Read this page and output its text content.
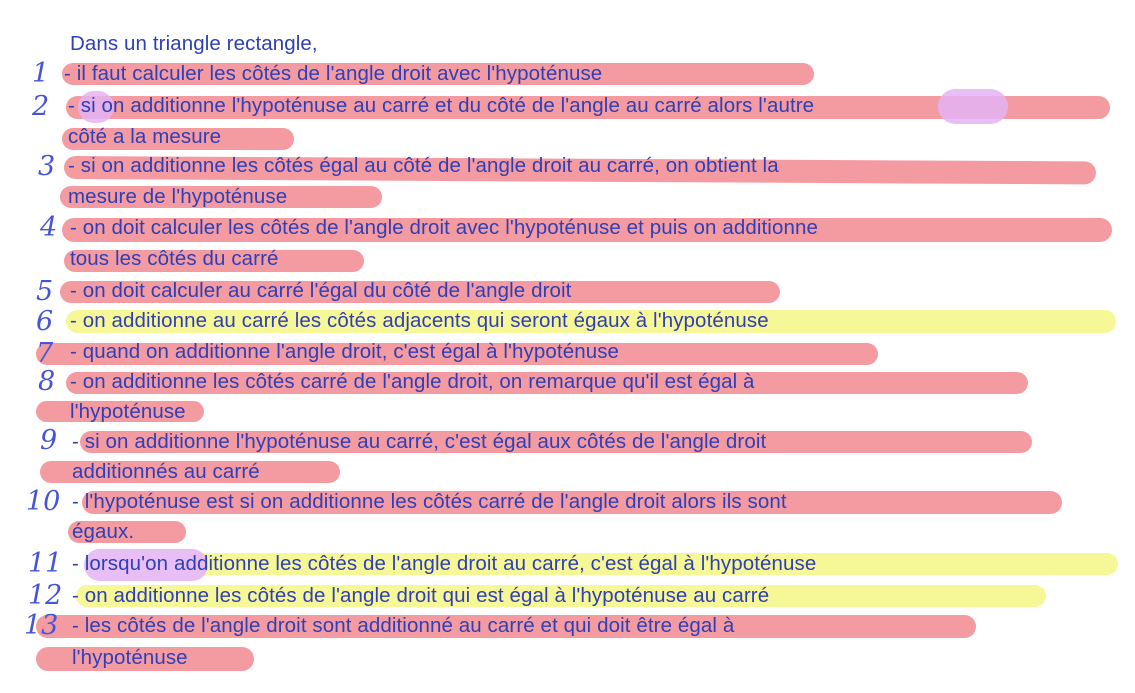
Dans un triangle rectangle,
1
2
3
4
5
6
7
8
9
10
11
12
13
- il faut calculer les côtés de l'angle droit avec l'hypoténuse
- si on additionne l'hypoténuse au carré et du côté de l'angle au carré alors l'autre
côté a la mesure
- si on additionne les côtés égal au côté de l'angle droit au carré, on obtient la
mesure de l'hypoténuse
- on doit calculer les côtés de l'angle droit avec l'hypoténuse et puis on additionne
tous les côtés du carré
- on doit calculer au carré l'égal du côté de l'angle droit
- on additionne au carré les côtés adjacents qui seront égaux à l'hypoténuse
- quand on additionne l'angle droit, c'est égal à l'hypoténuse
- on additionne les côtés carré de l'angle droit, on remarque qu'il est égal à
l'hypoténuse
- si on additionne l'hypoténuse au carré, c'est égal aux côtés de l'angle droit
additionnés au carré
- l'hypoténuse est si on additionne les côtés carré de l'angle droit alors ils sont
égaux.
- lorsqu'on additionne les côtés de l'angle droit au carré, c'est égal à l'hypoténuse
- on additionne les côtés de l'angle droit qui est égal à l'hypoténuse au carré
- les côtés de l'angle droit sont additionné au carré et qui doit être égal à
l'hypoténuse
